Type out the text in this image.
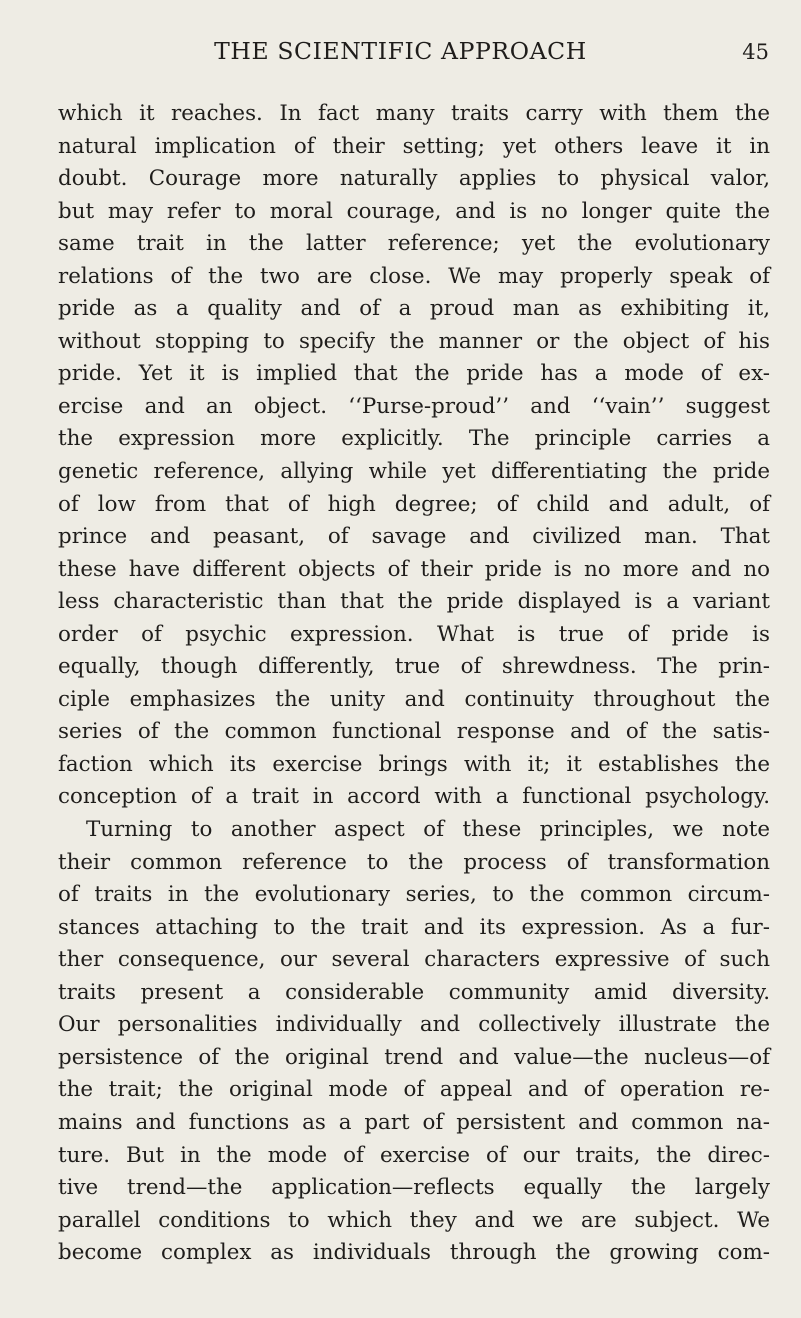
THE SCIENTIFIC APPROACH	45
which it reaches. In fact many traits carry with them the
natural implication of their setting; yet others leave it in
doubt. Courage more naturally applies to physical valor,
but may refer to moral courage, and is no longer quite the
same trait in the latter reference; yet the evolutionary
relations of the two are close. We may properly speak of
pride as a quality and of a proud man as exhibiting it,
without stopping to specify the manner or the object of his
pride. Yet it is implied that the pride has a mode of ex-
ercise and an object. ‘‘Purse-proud’’ and ‘‘vain’’ suggest
the expression more explicitly. The principle carries a
genetic reference, allying while yet differentiating the pride
of low from that of high degree; of child and adult, of
prince and peasant, of savage and civilized man. That
these have different objects of their pride is no more and no
less characteristic than that the pride displayed is a variant
order of psychic expression. What is true of pride is
equally, though differently, true of shrewdness. The prin-
ciple emphasizes the unity and continuity throughout the
series of the common functional response and of the satis-
faction which its exercise brings with it; it establishes the
conception of a trait in accord with a functional psychology.
Turning to another aspect of these principles, we note
their common reference to the process of transformation
of traits in the evolutionary series, to the common circum-
stances attaching to the trait and its expression. As a fur-
ther consequence, our several characters expressive of such
traits present a considerable community amid diversity.
Our personalities individually and collectively illustrate the
persistence of the original trend and value—the nucleus—of
the trait; the original mode of appeal and of operation re-
mains and functions as a part of persistent and common na-
ture. But in the mode of exercise of our traits, the direc-
tive trend—the application—reflects equally the largely
parallel conditions to which they and we are subject. We
become complex as individuals through the growing com-
